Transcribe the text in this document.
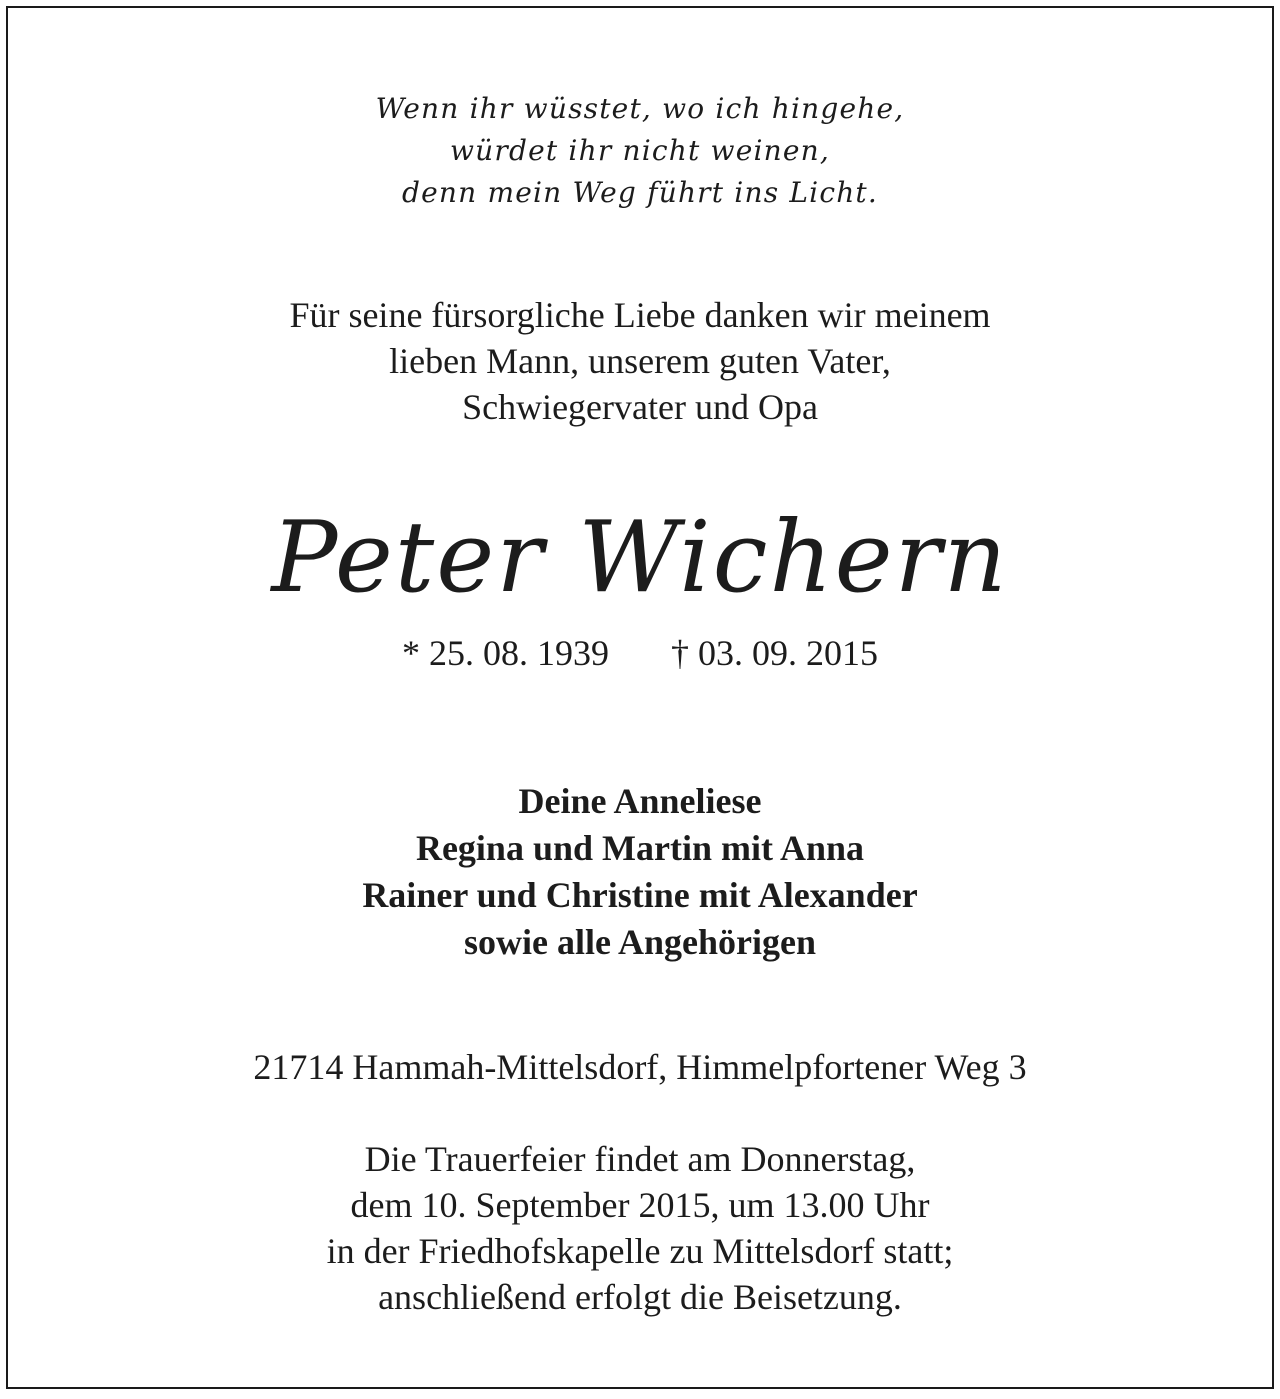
Wenn ihr wüsstet, wo ich hingehe,
würdet ihr nicht weinen,
denn mein Weg führt ins Licht.
Für seine fürsorgliche Liebe danken wir meinem
lieben Mann, unserem guten Vater,
Schwiegervater und Opa
Peter Wichern
* 25. 08. 1939 † 03. 09. 2015
Deine Anneliese
Regina und Martin mit Anna
Rainer und Christine mit Alexander
sowie alle Angehörigen
21714 Hammah-Mittelsdorf, Himmelpfortener Weg 3
Die Trauerfeier findet am Donnerstag,
dem 10. September 2015, um 13.00 Uhr
in der Friedhofskapelle zu Mittelsdorf statt;
anschließend erfolgt die Beisetzung.
